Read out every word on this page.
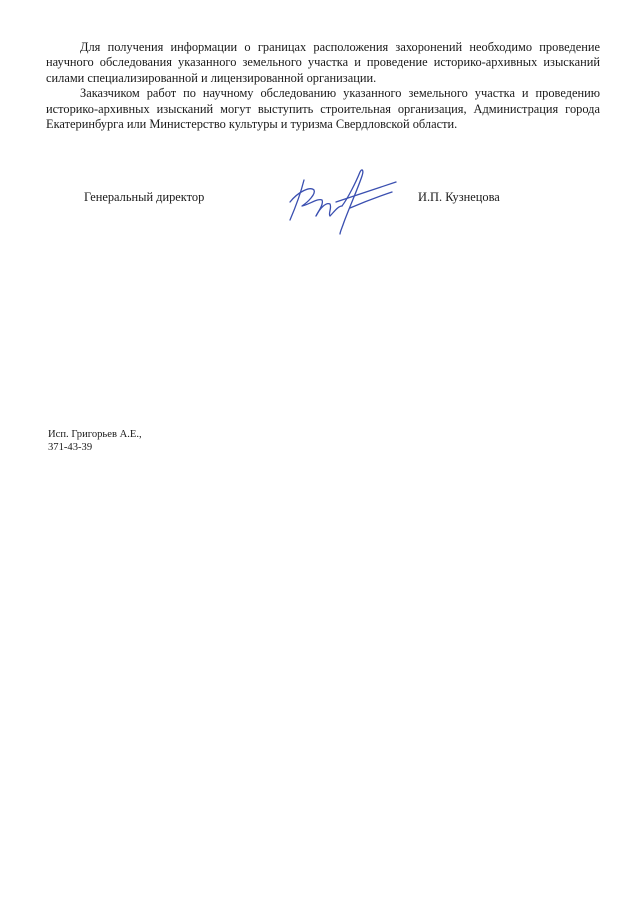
Для получения информации о границах расположения захоронений необходимо проведение научного обследования указанного земельного участка и проведение историко-архивных изысканий силами специализированной и лицензированной организации.

Заказчиком работ по научному обследованию указанного земельного участка и проведению историко-архивных изысканий могут выступить строительная организация, Администрация города Екатеринбурга или Министерство культуры и туризма Свердловской области.

Генеральный директор	И.П. Кузнецова
Исп. Григорьев А.Е.,
371-43-39
